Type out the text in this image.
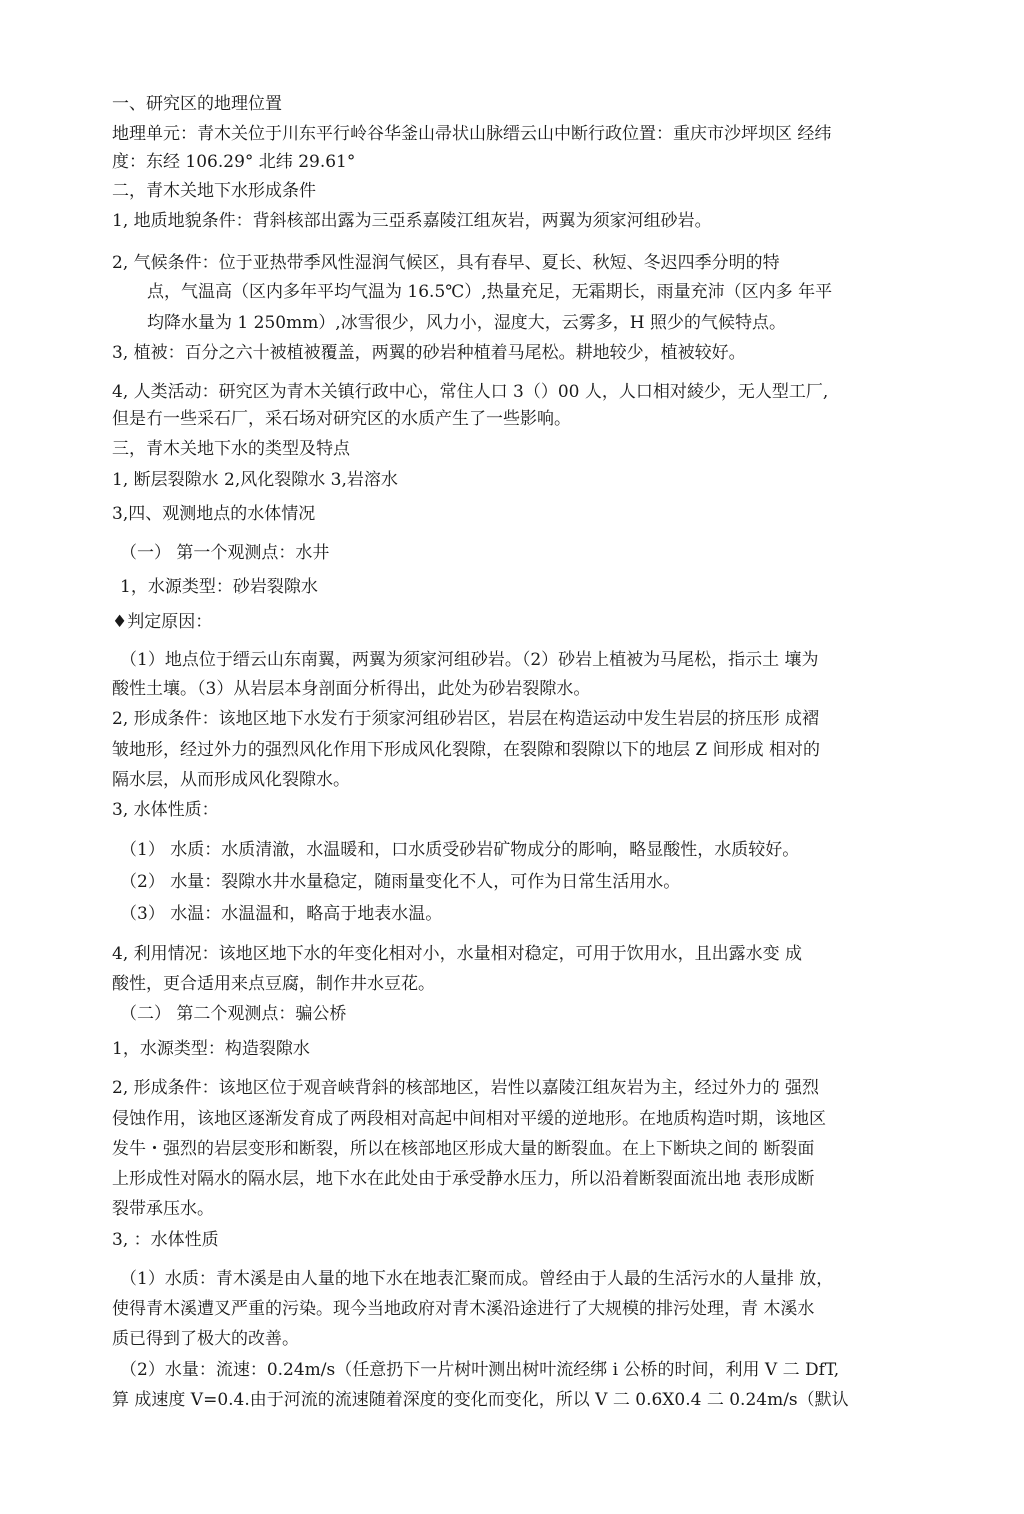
一、研究区的地理位置

地理单元：青木关位于川东平行岭谷华釜山帚状山脉缙云山中断行政位置：重庆市沙坪坝区 经纬

度：东经 106.29° 北纬 29.61°

二，青木关地下水形成条件

1, 地质地貌条件：背斜核部出露为三亞系嘉陵江组灰岩，两翼为须家河组砂岩。

2, 气候条件：位于亚热带季风性湿润气候区，具有春早、夏长、秋短、冬迟四季分明的特

点，气温高（区内多年平均气温为 16.5℃）,热量充足，无霜期长，雨量充沛（区内多 年平

均降水量为 1 250mm）,冰雪很少，风力小，湿度大，云雾多，H 照少的气候特点。

3, 植被：百分之六十被植被覆盖，两翼的砂岩种植着马尾松。耕地较少，植被较好。

4, 人类活动：研究区为青木关镇行政中心，常住人口 3（）00 人，人口相对綾少，无人型工厂,

但是冇一些采石厂，采石场对研究区的水质产生了一些影响。

三，青木关地下水的类型及特点

1, 断层裂隙水 2,风化裂隙水 3,岩溶水

3,四、观测地点的水体情况

（一） 第一个观测点：水井

1，水源类型：砂岩裂隙水

♦判定原因：

（1）地点位于缙云山东南翼，两翼为须家河组砂岩。（2）砂岩上植被为马尾松，指示土 壤为

酸性土壤。（3）从岩层本身剖面分析得出，此处为砂岩裂隙水。

2, 形成条件：该地区地下水发冇于须家河组砂岩区，岩层在构造运动中发生岩层的挤压形 成褶

皱地形，经过外力的强烈风化作用下形成风化裂隙，在裂隙和裂隙以下的地层 Z 间形成 相对的

隔水层，从而形成风化裂隙水。

3, 水体性质：

（1） 水质：水质清澈，水温暖和，口水质受砂岩矿物成分的彫响，略显酸性，水质较好。

（2） 水量：裂隙水井水量稳定，随雨量变化不人，可作为日常生活用水。

（3） 水温：水温温和，略高于地表水温。

4, 利用情况：该地区地下水的年变化相对小，水量相对稳定，可用于饮用水，且出露水变 成

酸性，更合适用来点豆腐，制作井水豆花。

（二） 第二个观测点：骗公桥

1，水源类型：构造裂隙水

2, 形成条件：该地区位于观音峡背斜的核部地区，岩性以嘉陵江组灰岩为主，经过外力的 强烈

侵蚀作用，该地区逐渐发育成了两段相对高起中间相对平缓的逆地形。在地质构造吋期，该地区

发牛・强烈的岩层变形和断裂，所以在核部地区形成大量的断裂血。在上下断块之间的 断裂面

上形成性对隔水的隔水层，地下水在此处由于承受静水压力，所以沿着断裂面流出地 表形成断

裂带承压水。

3, ：水体性质

（1）水质：青木溪是由人量的地下水在地表汇聚而成。曾经由于人最的生活污水的人量排 放，

使得青木溪遭叉严重的污染。现今当地政府对青木溪沿途进行了大规模的排污处理，青 木溪水

质已得到了极大的改善。

（2）水量：流速：0.24m/s（任意扔下一片树叶测出树叶流经绑 i 公桥的时间，利用 V 二 DfT,

算 成速度 V=0.4.由于河流的流速随着深度的变化而变化，所以 V 二 0.6X0.4 二 0.24m/s（默认
